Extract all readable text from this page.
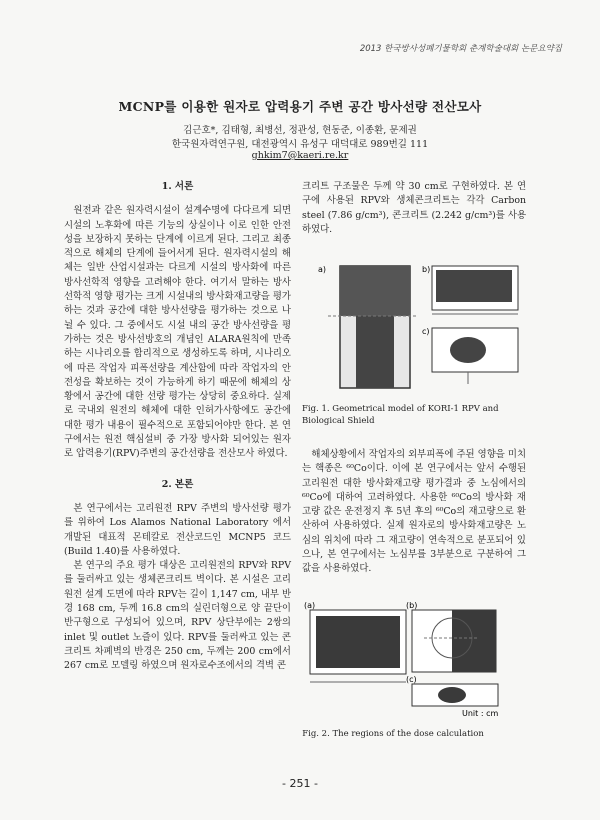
2013 한국방사성폐기물학회 춘계학술대회 논문요약집
MCNP를 이용한 원자로 압력용기 주변 공간 방사선량 전산모사
김근호*, 김태형, 최병선, 정관성, 현동준, 이종환, 문제권
한국원자력연구원, 대전광역시 유성구 대덕대로 989번길 111
ghkim7@kaeri.re.kr
1. 서론

원전과 같은 원자력시설이 설계수명에 다다르게 되면 시설의 노후화에 따른 기능의 상실이나 이로 인한 안전성을 보장하지 못하는 단계에 이르게 된다. 그리고 최종적으로 해체의 단계에 들어서게 된다. 원자력시설의 해체는 일반 산업시설과는 다르게 시설의 방사화에 따른 방사선학적 영향을 고려해야 한다. 여기서 말하는 방사선학적 영향 평가는 크게 시설내의 방사화재고량을 평가하는 것과 공간에 대한 방사선량을 평가하는 것으로 나뉠 수 있다. 그 중에서도 시설 내의 공간 방사선량을 평가하는 것은 방사선방호의 개념인 ALARA원칙에 만족하는 시나리오를 합리적으로 생성하도록 하며, 시나리오에 따른 작업자 피폭선량을 계산함에 따라 작업자의 안전성을 확보하는 것이 가능하게 하기 때문에 해체의 상황에서 공간에 대한 선량 평가는 상당히 중요하다. 실제로 국내외 원전의 해체에 대한 인허가사항에도 공간에 대한 평가 내용이 필수적으로 포함되어야만 한다. 본 연구에서는 원전 핵심설비 중 가장 방사화 되어있는 원자로 압력용기(RPV)주변의 공간선량을 전산모사 하였다.

2. 본론

본 연구에서는 고리원전 RPV 주변의 방사선량 평가를 위하여 Los Alamos National Laboratory 에서 개발된 대표적 몬테칼로 전산코드인 MCNP5 코드(Build 1.40)를 사용하였다.

본 연구의 주요 평가 대상은 고리원전의 RPV와 RPV를 둘러싸고 있는 생체콘크리트 벽이다. 본 시설은 고리원전 설계 도면에 따라 RPV는 길이 1,147 cm, 내부 반경 168 cm, 두께 16.8 cm의 실린더형으로 양 끝단이 반구형으로 구성되어 있으며, RPV 상단부에는 2쌍의 inlet 및 outlet 노즐이 있다. RPV를 둘러싸고 있는 콘크리트 차폐벽의 반경은 250 cm, 두께는 200 cm에서 267 cm로 모델링 하였으며 원자로수조에서의 격벽 콘

크리트 구조물은 두께 약 30 cm로 구현하였다. 본 연구에 사용된 RPV와 생체콘크리트는 각각 Carbon steel (7.86 g/cm³), 콘크리트 (2.242 g/cm³)를 사용하였다.

a)	b)
c)
Fig. 1. Geometrical model of KORI-1 RPV and Biological Shield

해체상황에서 작업자의 외부피폭에 주된 영향을 미치는 핵종은 ⁶⁰Co이다. 이에 본 연구에서는 앞서 수행된 고리원전 대한 방사화재고량 평가결과 중 노심에서의 ⁶⁰Co에 대하여 고려하였다. 사용한 ⁶⁰Co의 방사화 재고량 값은 운전정지 후 5년 후의 ⁶⁰Co의 재고량으로 환산하여 사용하였다. 실제 원자로의 방사화재고량은 노심의 위치에 따라 그 재고량이 연속적으로 분포되어 있으나, 본 연구에서는 노심부를 3부분으로 구분하여 그 값을 사용하였다.

(a)	(b)
(c)
Unit : cm
Fig. 2. The regions of the dose calculation
- 251 -
